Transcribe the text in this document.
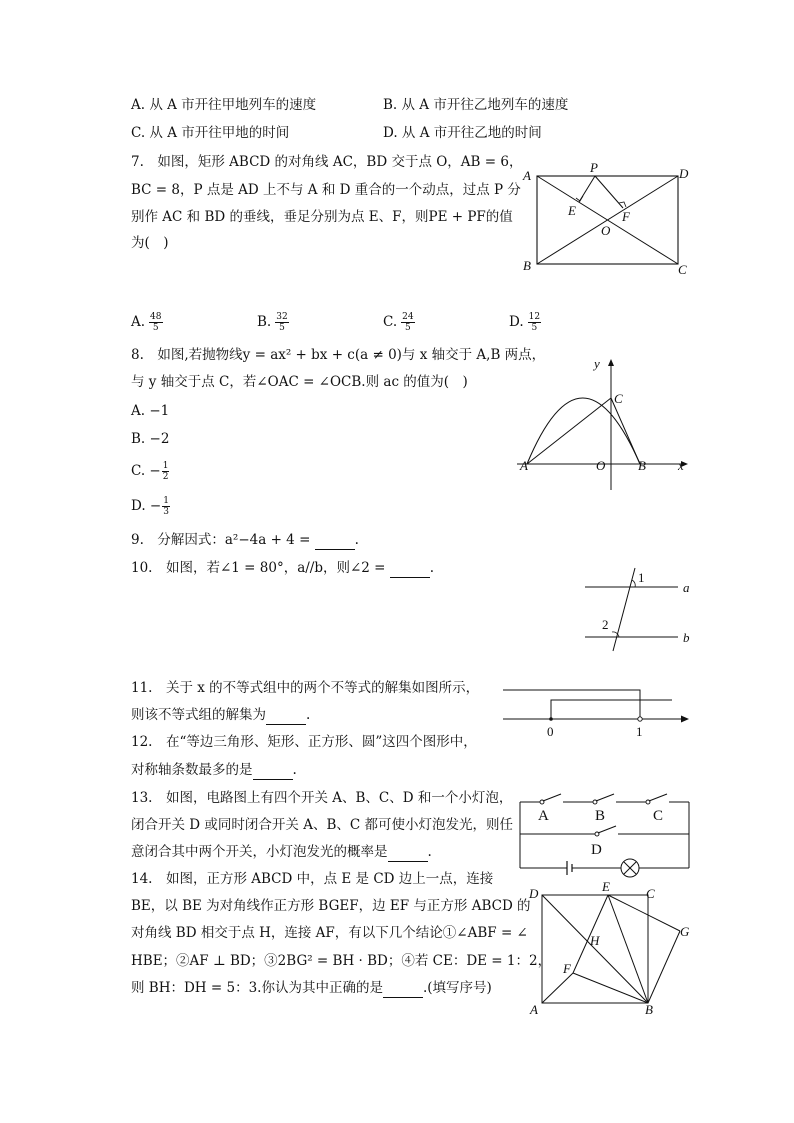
A. 从 A 市开往甲地列车的速度	B. 从 A 市开往乙地列车的速度
C. 从 A 市开往甲地的时间	D. 从 A 市开往乙地的时间
7.　如图，矩形 ABCD 的对角线 AC，BD 交于点 O，AB = 6，
BC = 8，P 点是 AD 上不与 A 和 D 重合的一个动点，过点 P 分
别作 AC 和 BD 的垂线，垂足分别为点 E、F，则PE + PF的值
为(　)
A	D
B	C
P
E	F
O
A. $\frac{48}{5}$	B. $\frac{32}{5}$	C. $\frac{24}{5}$	D. $\frac{12}{5}$
8.　如图,若抛物线y = ax² + bx + c(a ≠ 0)与 x 轴交于 A,B 两点，
与 y 轴交于点 C，若∠OAC = ∠OCB.则 ac 的值为(　)
A. −1
B. −2
C. − $\frac{1}{2}$
D. − $\frac{1}{3}$
y
x
C
A	O	B
9.　分解因式：a²−4a + 4 =	.
10.　如图，若∠1 = 80°，a//b，则∠2 =	.
1
2
a
b
11.　关于 x 的不等式组中的两个不等式的解集如图所示，
则该不等式组的解集为	.
0	1
12.　在“等边三角形、矩形、正方形、圆”这四个图形中，
对称轴条数最多的是	.
13.　如图，电路图上有四个开关 A、B、C、D 和一个小灯泡，
闭合开关 D 或同时闭合开关 A、B、C 都可使小灯泡发光，则任
意闭合其中两个开关，小灯泡发光的概率是	.
A	B	C
D
14.　如图，正方形 ABCD 中，点 E 是 CD 边上一点，连接
BE，以 BE 为对角线作正方形 BGEF，边 EF 与正方形 ABCD 的
对角线 BD 相交于点 H，连接 AF，有以下几个结论①∠ABF = ∠
HBE；②AF ⊥ BD；③2BG² = BH · BD；④若 CE：DE = 1：2，
则 BH：DH = 5：3.你认为其中正确的是	.(填写序号)
D	E	C
G
H
F
A	B
